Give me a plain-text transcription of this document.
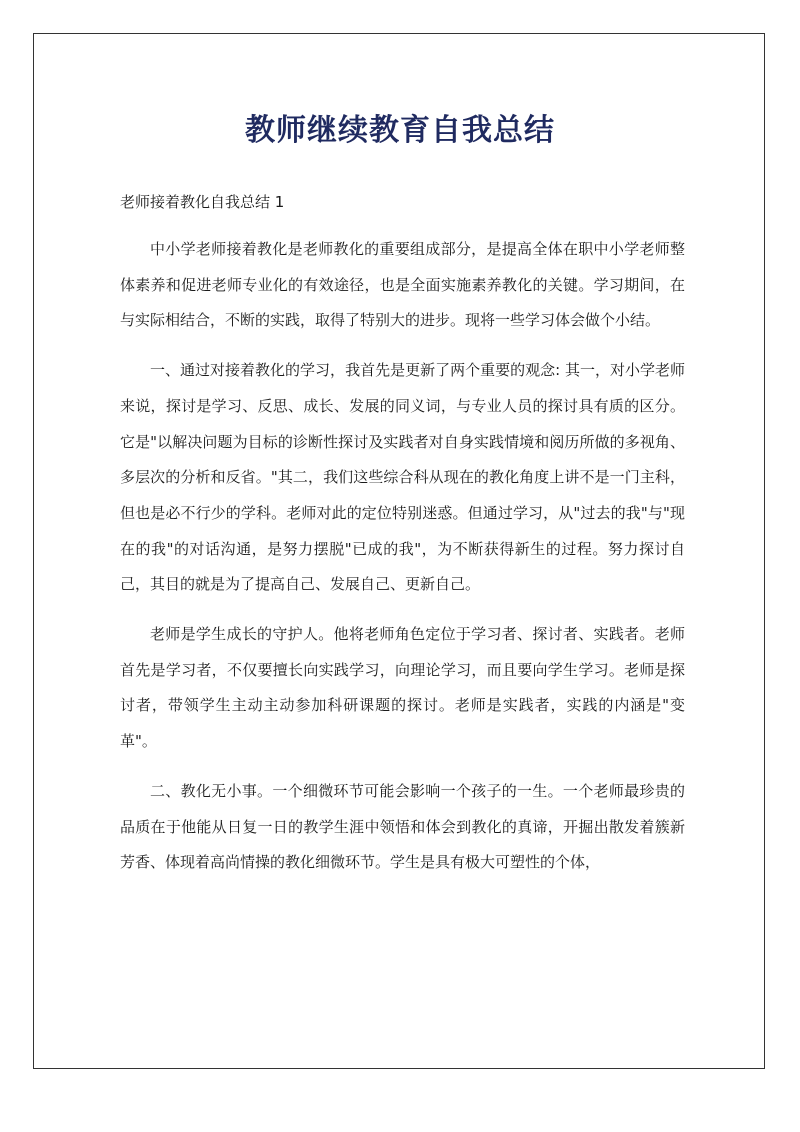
教师继续教育自我总结

老师接着教化自我总结 1

中小学老师接着教化是老师教化的重要组成部分，是提高全体在职中小学老师整体素养和促进老师专业化的有效途径，也是全面实施素养教化的关键。学习期间，在与实际相结合，不断的实践，取得了特别大的进步。现将一些学习体会做个小结。

一、通过对接着教化的学习，我首先是更新了两个重要的观念: 其一，对小学老师来说，探讨是学习、反思、成长、发展的同义词，与专业人员的探讨具有质的区分。它是"以解决问题为目标的诊断性探讨及实践者对自身实践情境和阅历所做的多视角、多层次的分析和反省。"其二，我们这些综合科从现在的教化角度上讲不是一门主科，但也是必不行少的学科。老师对此的定位特别迷惑。但通过学习，从"过去的我"与"现在的我"的对话沟通，是努力摆脱"已成的我"，为不断获得新生的过程。努力探讨自己，其目的就是为了提高自己、发展自己、更新自己。

老师是学生成长的守护人。他将老师角色定位于学习者、探讨者、实践者。老师首先是学习者，不仅要擅长向实践学习，向理论学习，而且要向学生学习。老师是探讨者，带领学生主动主动参加科研课题的探讨。老师是实践者，实践的内涵是"变革"。

二、教化无小事。一个细微环节可能会影响一个孩子的一生。一个老师最珍贵的品质在于他能从日复一日的教学生涯中领悟和体会到教化的真谛，开掘出散发着簇新芳香、体现着高尚情操的教化细微环节。学生是具有极大可塑性的个体，
